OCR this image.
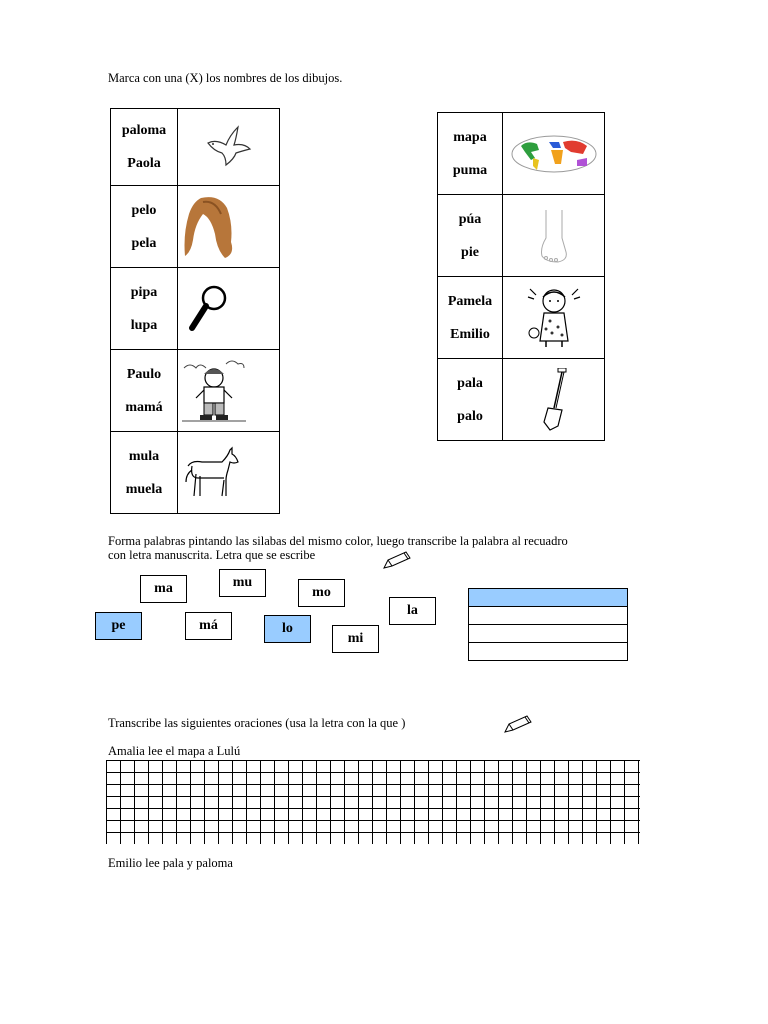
Marca con una (X) los nombres de los dibujos.
paloma
Paola

pelo
pela

pipa
lupa

Paulo
mamá

mula
muela

mapa
puma

púa
pie

Pamela
Emilio

pala
palo

Forma palabras pintando las silabas del mismo color, luego transcribe la palabra al recuadro
con letra manuscrita. Letra que se escribe
ma	mu
mo
la
pe	má	lo
mi
Transcribe las siguientes oraciones (usa la letra con la que )
Amalia lee el mapa a Lulú
Emilio lee pala y paloma
